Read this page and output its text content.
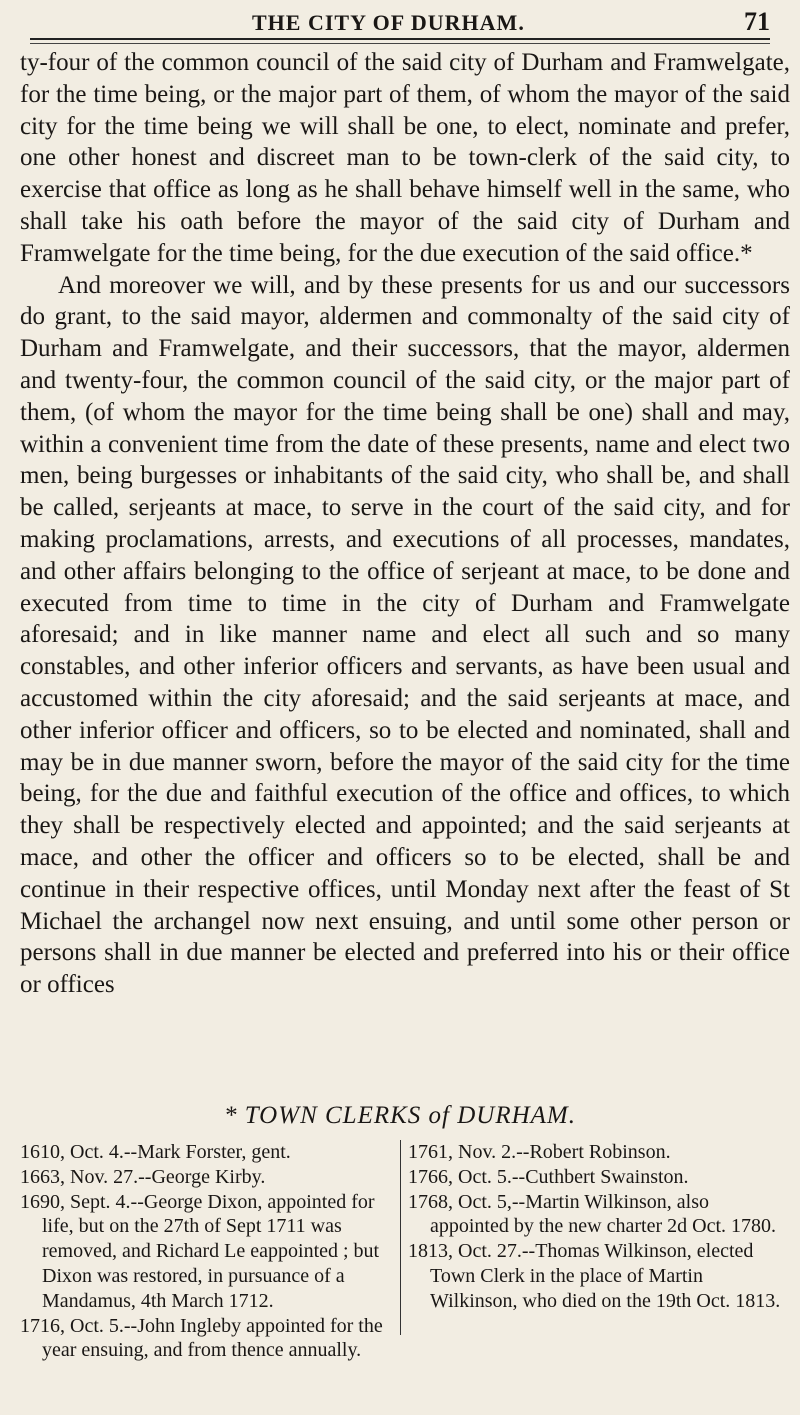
THE CITY OF DURHAM.	71

ty-four of the common council of the said city of Durham and Framwelgate, for the time being, or the major part of them, of whom the mayor of the said city for the time being we will shall be one, to elect, nominate and prefer, one other honest and discreet man to be town-clerk of the said city, to exercise that office as long as he shall behave himself well in the same, who shall take his oath before the mayor of the said city of Durham and Framwelgate for the time being, for the due execution of the said office.*

And moreover we will, and by these presents for us and our successors do grant, to the said mayor, aldermen and commonalty of the said city of Durham and Framwelgate, and their successors, that the mayor, aldermen and twenty-four, the common council of the said city, or the major part of them, (of whom the mayor for the time being shall be one) shall and may, within a convenient time from the date of these presents, name and elect two men, being burgesses or inhabitants of the said city, who shall be, and shall be called, serjeants at mace, to serve in the court of the said city, and for making proclamations, arrests, and executions of all processes, mandates, and other affairs belonging to the office of serjeant at mace, to be done and executed from time to time in the city of Durham and Framwelgate aforesaid; and in like manner name and elect all such and so many constables, and other inferior officers and servants, as have been usual and accustomed within the city aforesaid; and the said serjeants at mace, and other inferior officer and officers, so to be elected and nominated, shall and may be in due manner sworn, before the mayor of the said city for the time being, for the due and faithful execution of the office and offices, to which they shall be respectively elected and appointed; and the said serjeants at mace, and other the officer and officers so to be elected, shall be and continue in their respective offices, until Monday next after the feast of St Michael the archangel now next ensuing, and until some other person or persons shall in due manner be elected and preferred into his or their office or offices

* TOWN CLERKS of DURHAM.

1610, Oct. 4.--Mark Forster, gent.

1663, Nov. 27.--George Kirby.

1690, Sept. 4.--George Dixon, appointed for life, but on the 27th of Sept 1711 was removed, and Richard Le eappointed ; but Dixon was restored, in pursuance of a Mandamus, 4th March 1712.

1716, Oct. 5.--John Ingleby appointed for the year ensuing, and from thence annually.

1761, Nov. 2.--Robert Robinson.

1766, Oct. 5.--Cuthbert Swainston.

1768, Oct. 5,--Martin Wilkinson, also appointed by the new charter 2d Oct. 1780.

1813, Oct. 27.--Thomas Wilkinson, elected Town Clerk in the place of Martin Wilkinson, who died on the 19th Oct. 1813.
